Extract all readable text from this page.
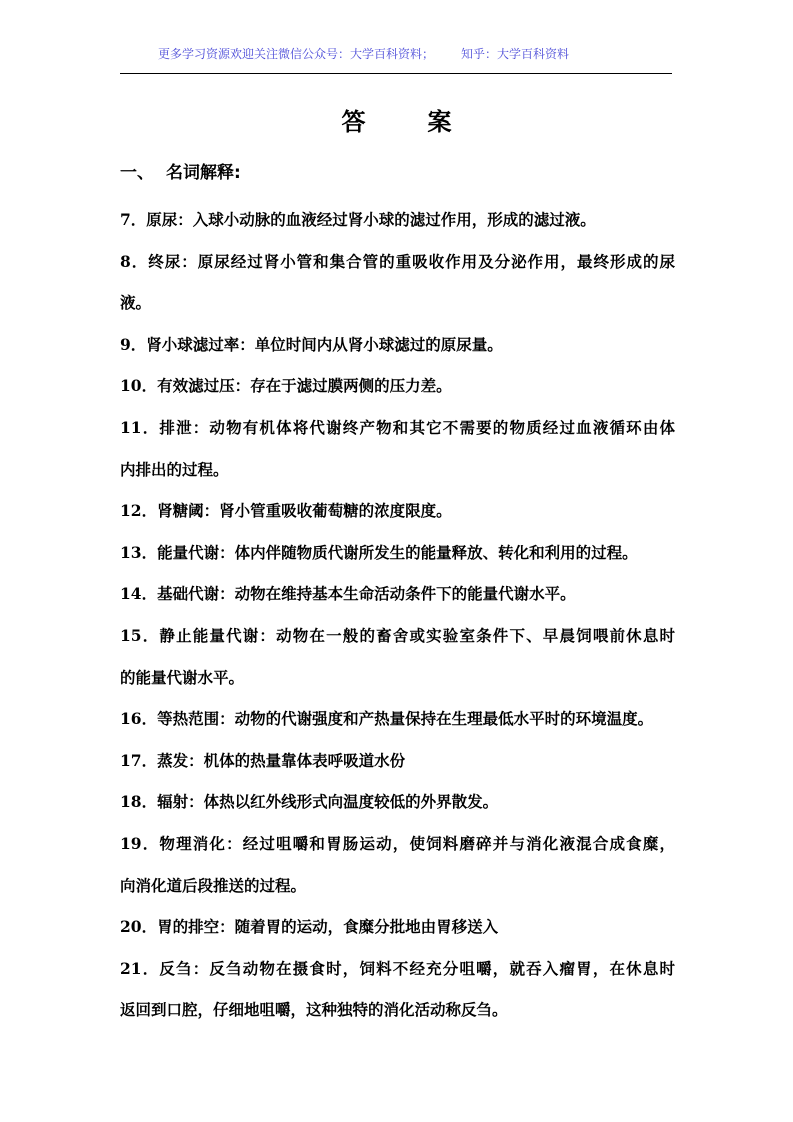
更多学习资源欢迎关注微信公众号：大学百科资料； 知乎：大学百科资料
答	案
一、 名词解释:
7．原尿：入球小动脉的血液经过肾小球的滤过作用，形成的滤过液。
8．终尿：原尿经过肾小管和集合管的重吸收作用及分泌作用，最终形成的尿
液。
9．肾小球滤过率：单位时间内从肾小球滤过的原尿量。
10．有效滤过压：存在于滤过膜两侧的压力差。
11．排泄：动物有机体将代谢终产物和其它不需要的物质经过血液循环由体
内排出的过程。
12．肾糖阈：肾小管重吸收葡萄糖的浓度限度。
13．能量代谢：体内伴随物质代谢所发生的能量释放、转化和利用的过程。
14．基础代谢：动物在维持基本生命活动条件下的能量代谢水平。
15．静止能量代谢：动物在一般的畜舍或实验室条件下、早晨饲喂前休息时
的能量代谢水平。
16．等热范围：动物的代谢强度和产热量保持在生理最低水平时的环境温度。
17．蒸发：机体的热量靠体表呼吸道水份
18．辐射：体热以红外线形式向温度较低的外界散发。
19．物理消化：经过咀嚼和胃肠运动，使饲料磨碎并与消化液混合成食糜，
向消化道后段推送的过程。
20．胃的排空：随着胃的运动，食糜分批地由胃移送入
21．反刍：反刍动物在摄食时，饲料不经充分咀嚼，就吞入瘤胃，在休息时
返回到口腔，仔细地咀嚼，这种独特的消化活动称反刍。
